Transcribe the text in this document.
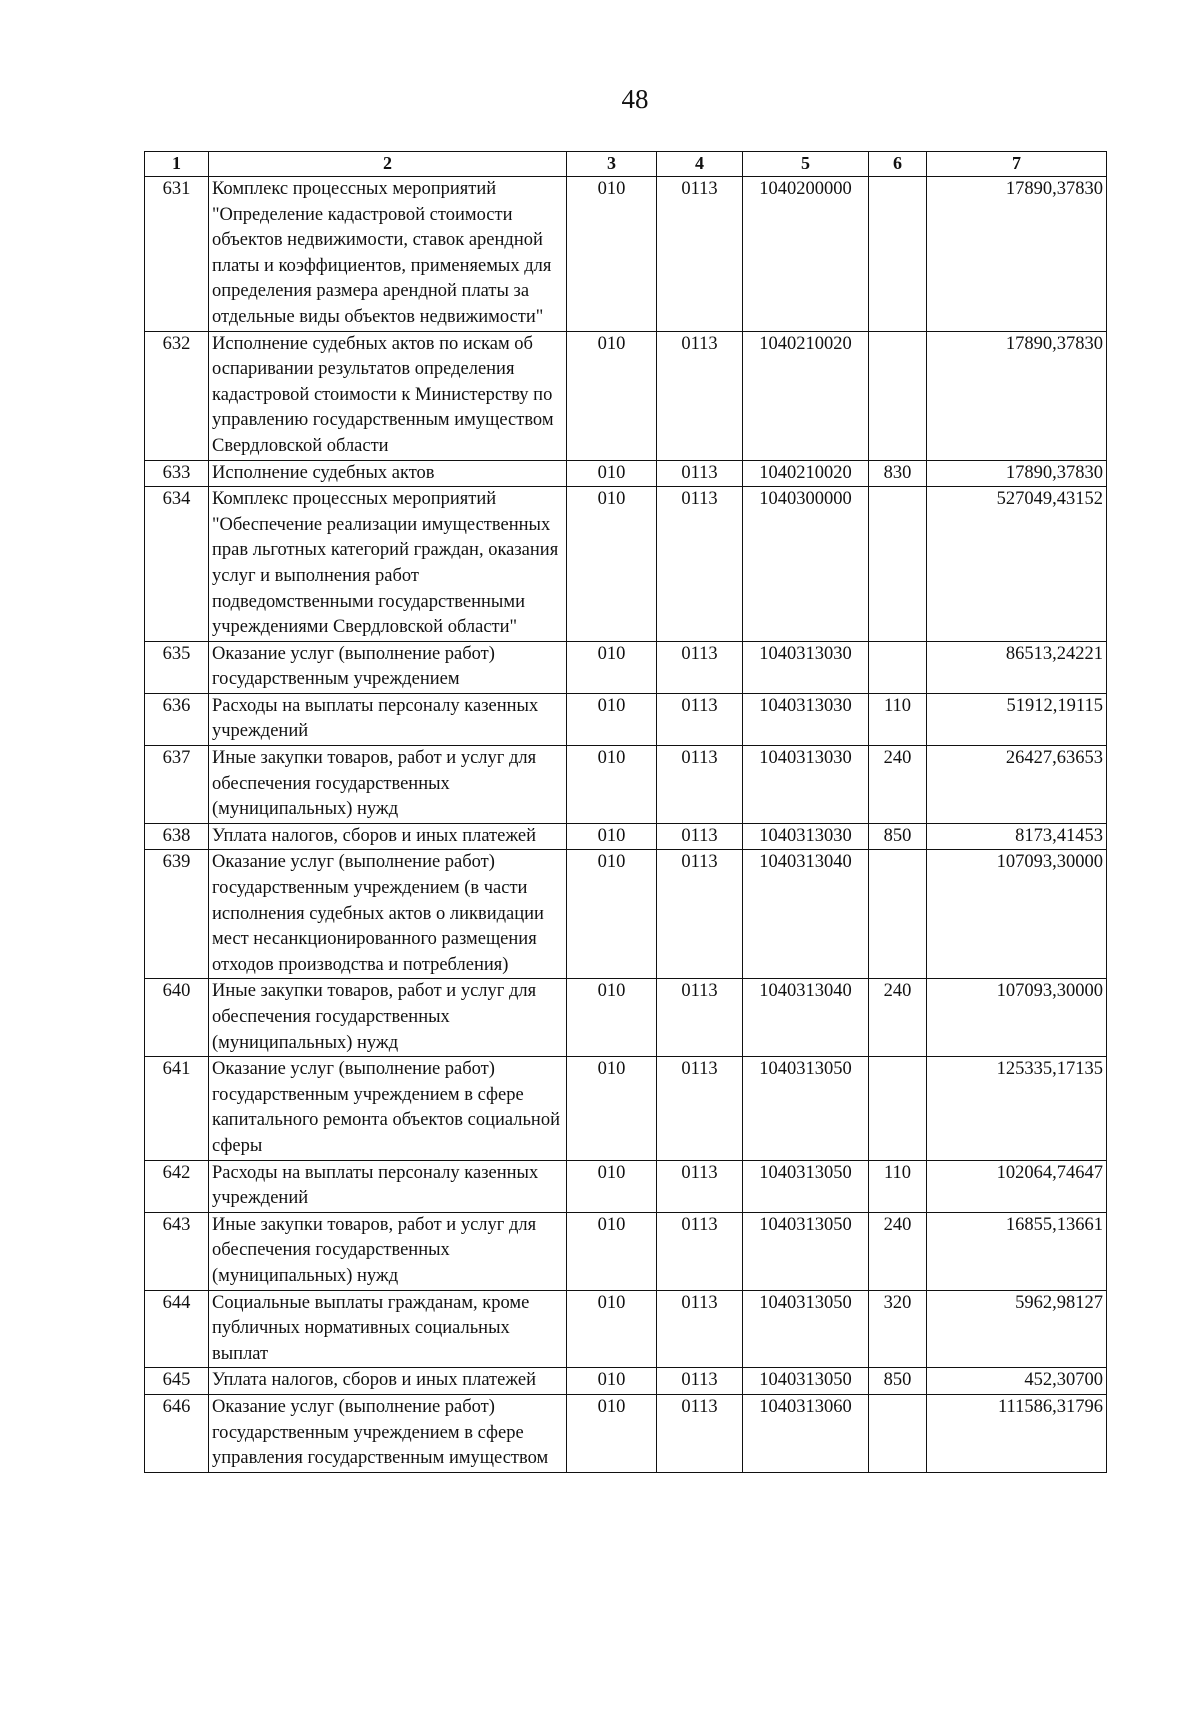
48
1	2	3	4	5	6	7
631	Комплекс процессных мероприятий "Определение кадастровой стоимости объектов недвижимости, ставок арендной платы и коэффициентов, применяемых для определения размера арендной платы за отдельные виды объектов недвижимости"	010	0113	1040200000		17890,37830
632	Исполнение судебных актов по искам об оспаривании результатов определения кадастровой стоимости к Министерству по управлению государственным имуществом Свердловской области	010	0113	1040210020		17890,37830
633	Исполнение судебных актов	010	0113	1040210020	830	17890,37830
634	Комплекс процессных мероприятий "Обеспечение реализации имущественных прав льготных категорий граждан, оказания услуг и выполнения работ подведомственными государственными учреждениями Свердловской области"	010	0113	1040300000		527049,43152
635	Оказание услуг (выполнение работ) государственным учреждением	010	0113	1040313030		86513,24221
636	Расходы на выплаты персоналу казенных учреждений	010	0113	1040313030	110	51912,19115
637	Иные закупки товаров, работ и услуг для обеспечения государственных (муниципальных) нужд	010	0113	1040313030	240	26427,63653
638	Уплата налогов, сборов и иных платежей	010	0113	1040313030	850	8173,41453
639	Оказание услуг (выполнение работ) государственным учреждением (в части исполнения судебных актов о ликвидации мест несанкционированного размещения отходов производства и потребления)	010	0113	1040313040		107093,30000
640	Иные закупки товаров, работ и услуг для обеспечения государственных (муниципальных) нужд	010	0113	1040313040	240	107093,30000
641	Оказание услуг (выполнение работ) государственным учреждением в сфере капитального ремонта объектов социальной сферы	010	0113	1040313050		125335,17135
642	Расходы на выплаты персоналу казенных учреждений	010	0113	1040313050	110	102064,74647
643	Иные закупки товаров, работ и услуг для обеспечения государственных (муниципальных) нужд	010	0113	1040313050	240	16855,13661
644	Социальные выплаты гражданам, кроме публичных нормативных социальных выплат	010	0113	1040313050	320	5962,98127
645	Уплата налогов, сборов и иных платежей	010	0113	1040313050	850	452,30700
646	Оказание услуг (выполнение работ) государственным учреждением в сфере управления государственным имуществом	010	0113	1040313060		111586,31796
